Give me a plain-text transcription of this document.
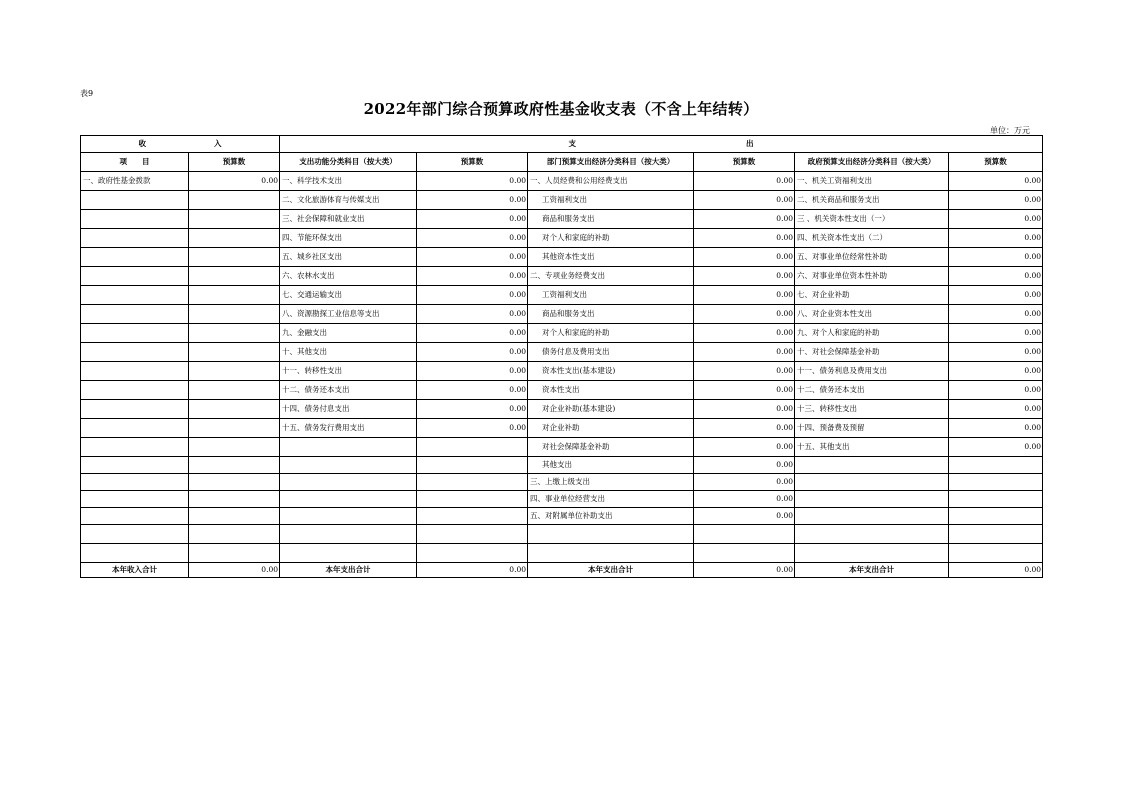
表9
2022年部门综合预算政府性基金收支表（不含上年结转）
单位：万元
收 入		支 出					
项　　目	预算数	支出功能分类科目（按大类）	预算数	部门预算支出经济分类科目（按大类）	预算数	政府预算支出经济分类科目（按大类）	预算数
一、政府性基金拨款	0.00	一、科学技术支出	0.00	一、人员经费和公用经费支出	0.00	一、机关工资福利支出	0.00
		二、文化旅游体育与传媒支出	0.00	工资福利支出	0.00	二、机关商品和服务支出	0.00
		三、社会保障和就业支出	0.00	商品和服务支出	0.00	三 、机关资本性支出（一）	0.00
		四、节能环保支出	0.00	对个人和家庭的补助	0.00	四、机关资本性支出（二）	0.00
		五、城乡社区支出	0.00	其他资本性支出	0.00	五、对事业单位经常性补助	0.00
		六、农林水支出	0.00	二、专项业务经费支出	0.00	六、对事业单位资本性补助	0.00
		七、交通运输支出	0.00	工资福利支出	0.00	七、对企业补助	0.00
		八、资源勘探工业信息等支出	0.00	商品和服务支出	0.00	八、对企业资本性支出	0.00
		九、金融支出	0.00	对个人和家庭的补助	0.00	九、对个人和家庭的补助	0.00
		十、其他支出	0.00	债务付息及费用支出	0.00	十、对社会保障基金补助	0.00
		十一、转移性支出	0.00	资本性支出(基本建设)	0.00	十一、债务利息及费用支出	0.00
		十二、债务还本支出	0.00	资本性支出	0.00	十二、债务还本支出	0.00
		十四、债务付息支出	0.00	对企业补助(基本建设)	0.00	十三、转移性支出	0.00
		十五、债务发行费用支出	0.00	对企业补助	0.00	十四、预备费及预留	0.00
				对社会保障基金补助	0.00	十五、其他支出	0.00
				其他支出	0.00		
				三、上缴上级支出	0.00		
				四、事业单位经营支出	0.00		
				五、对附属单位补助支出	0.00		

本年收入合计	0.00	本年支出合计	0.00	本年支出合计	0.00	本年支出合计	0.00
